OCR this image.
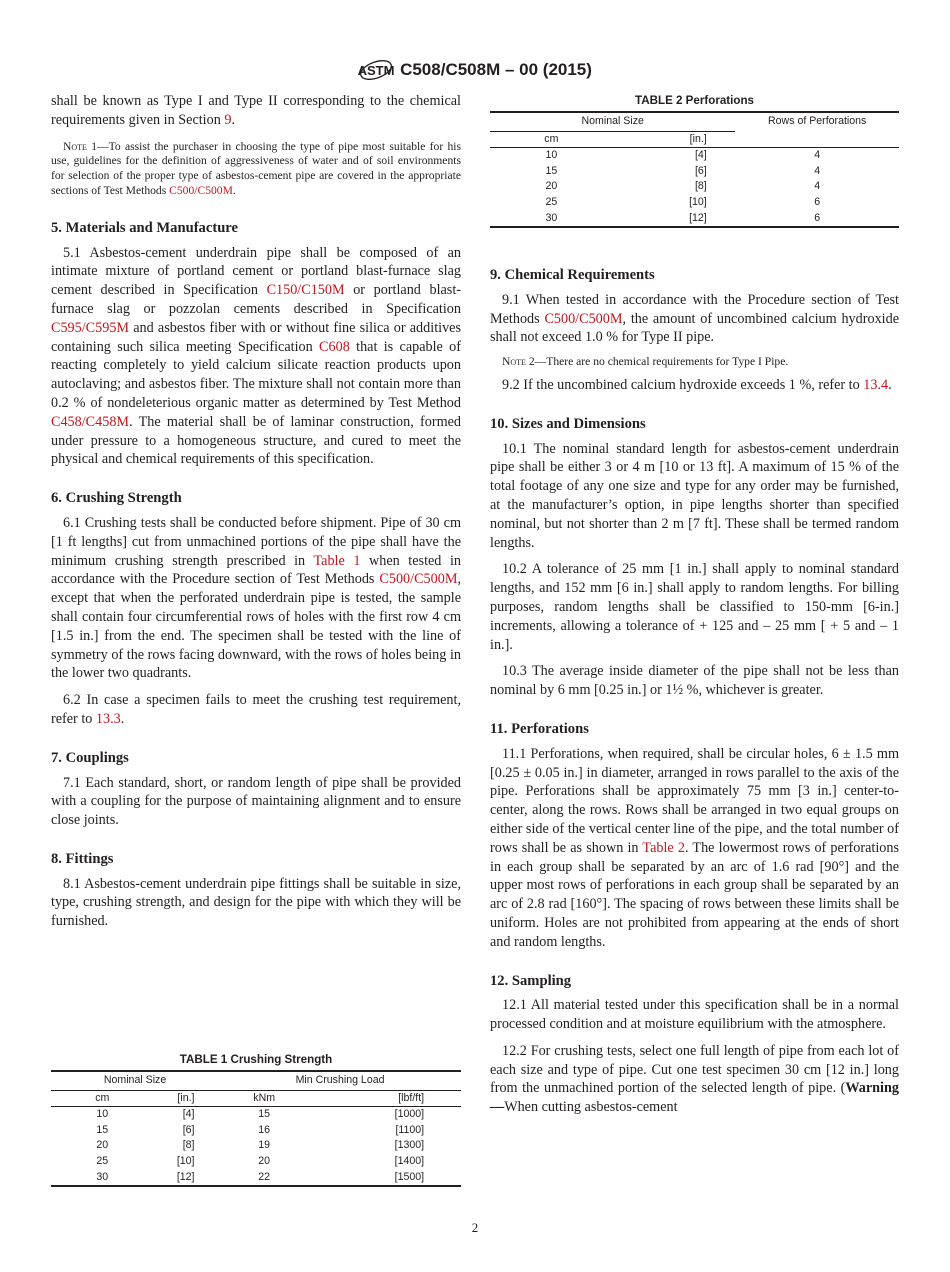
ASTM C508/C508M – 00 (2015)

shall be known as Type I and Type II corresponding to the chemical requirements given in Section 9.

Note 1—To assist the purchaser in choosing the type of pipe most suitable for his use, guidelines for the definition of aggressiveness of water and of soil environments for selection of the proper type of asbestos-cement pipe are covered in the appropriate sections of Test Methods C500/C500M.

5. Materials and Manufacture

5.1 Asbestos-cement underdrain pipe shall be composed of an intimate mixture of portland cement or portland blast-furnace slag cement described in Specification C150/C150M or portland blast-furnace slag or pozzolan cements described in Specification C595/C595M and asbestos fiber with or without fine silica or additives containing such silica meeting Specification C608 that is capable of reacting completely to yield calcium silicate reaction products upon autoclaving; and asbestos fiber. The mixture shall not contain more than 0.2 % of nondeleterious organic matter as determined by Test Method C458/C458M. The material shall be of laminar construction, formed under pressure to a homogeneous structure, and cured to meet the physical and chemical requirements of this specification.

6. Crushing Strength

6.1 Crushing tests shall be conducted before shipment. Pipe of 30 cm [1 ft lengths] cut from unmachined portions of the pipe shall have the minimum crushing strength prescribed in Table 1 when tested in accordance with the Procedure section of Test Methods C500/C500M, except that when the perforated underdrain pipe is tested, the sample shall contain four circumferential rows of holes with the first row 4 cm [1.5 in.] from the end. The specimen shall be tested with the line of symmetry of the rows facing downward, with the rows of holes being in the lower two quadrants.

6.2 In case a specimen fails to meet the crushing test requirement, refer to 13.3.

7. Couplings

7.1 Each standard, short, or random length of pipe shall be provided with a coupling for the purpose of maintaining alignment and to ensure close joints.

8. Fittings

8.1 Asbestos-cement underdrain pipe fittings shall be suitable in size, type, crushing strength, and design for the pipe with which they will be furnished.

TABLE 1 Crushing Strength
Nominal Size		Min Crushing Load	
cm	[in.]	kNm	[lbf/ft]
10	[4]	15	[1000]
15	[6]	16	[1100]
20	[8]	19	[1300]
25	[10]	20	[1400]
30	[12]	22	[1500]
TABLE 2 Perforations
Nominal Size		Rows of Perforations
cm	[in.]	
10	[4]	4
15	[6]	4
20	[8]	4
25	[10]	6
30	[12]	6
9. Chemical Requirements

9.1 When tested in accordance with the Procedure section of Test Methods C500/C500M, the amount of uncombined calcium hydroxide shall not exceed 1.0 % for Type II pipe.

Note 2—There are no chemical requirements for Type I Pipe.

9.2 If the uncombined calcium hydroxide exceeds 1 %, refer to 13.4.

10. Sizes and Dimensions

10.1 The nominal standard length for asbestos-cement underdrain pipe shall be either 3 or 4 m [10 or 13 ft]. A maximum of 15 % of the total footage of any one size and type for any order may be furnished, at the manufacturer’s option, in pipe lengths shorter than specified nominal, but not shorter than 2 m [7 ft]. These shall be termed random lengths.

10.2 A tolerance of 25 mm [1 in.] shall apply to nominal standard lengths, and 152 mm [6 in.] shall apply to random lengths. For billing purposes, random lengths shall be classified to 150-mm [6-in.] increments, allowing a tolerance of + 125 and – 25 mm [ + 5 and – 1 in.].

10.3 The average inside diameter of the pipe shall not be less than nominal by 6 mm [0.25 in.] or 1½ %, whichever is greater.

11. Perforations

11.1 Perforations, when required, shall be circular holes, 6 ± 1.5 mm [0.25 ± 0.05 in.] in diameter, arranged in rows parallel to the axis of the pipe. Perforations shall be approximately 75 mm [3 in.] center-to-center, along the rows. Rows shall be arranged in two equal groups on either side of the vertical center line of the pipe, and the total number of rows shall be as shown in Table 2. The lowermost rows of perforations in each group shall be separated by an arc of 1.6 rad [90°] and the upper most rows of perforations in each group shall be separated by an arc of 2.8 rad [160°]. The spacing of rows between these limits shall be uniform. Holes are not prohibited from appearing at the ends of short and random lengths.

12. Sampling

12.1 All material tested under this specification shall be in a normal processed condition and at moisture equilibrium with the atmosphere.

12.2 For crushing tests, select one full length of pipe from each lot of each size and type of pipe. Cut one test specimen 30 cm [12 in.] long from the unmachined portion of the selected length of pipe. (Warning—When cutting asbestos-cement

2
